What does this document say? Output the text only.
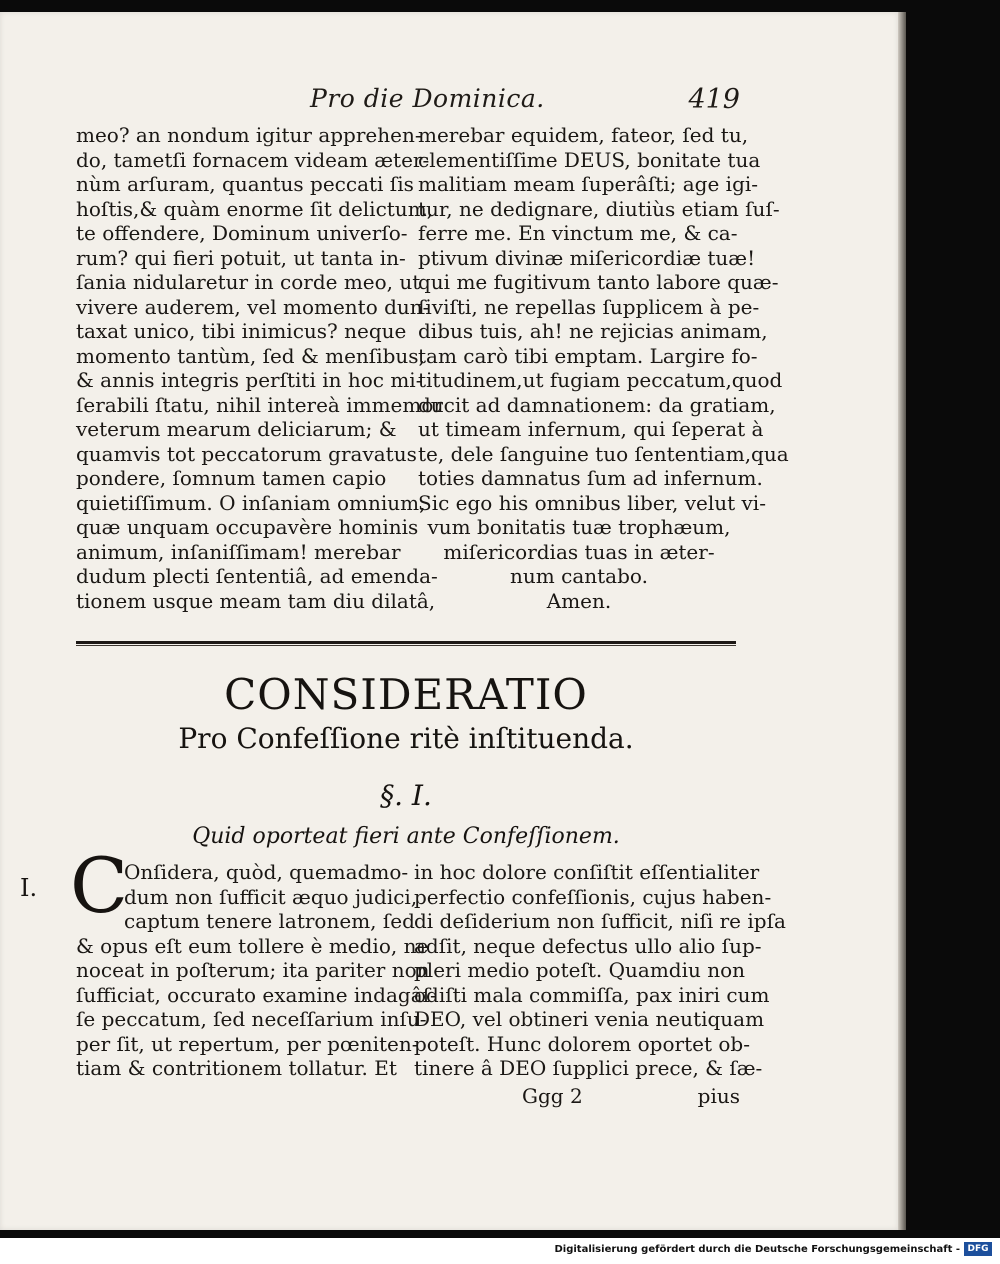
Pro die Dominica.	419
meo? an nondum igitur apprehen-
do, tametſi fornacem videam æter-
nùm arſuram, quantus peccati ſis
hoſtis,& quàm enorme ſit delictum,
te offendere, Dominum univerſo-
rum? qui fieri potuit, ut tanta in-
ſania nidularetur in corde meo, ut
vivere auderem, vel momento dun-
taxat unico, tibi inimicus? neque
momento tantùm, ſed & menſibus,
& annis integris perſtiti in hoc mi-
ſerabili ſtatu, nihil intereà immemor
veterum mearum deliciarum; &
quamvis tot peccatorum gravatus
pondere, ſomnum tamen capio
quietiſſimum. O inſaniam omnium,
quæ unquam occupavère hominis
animum, inſaniſſimam! merebar
dudum plecti ſententiâ, ad emenda-
tionem usque meam tam diu dilatâ,
merebar equidem, fateor, ſed tu,
clementiſſime DEUS, bonitate tua
malitiam meam ſuperâſti; age igi-
tur, ne dedignare, diutiùs etiam ſuſ-
ferre me. En vinctum me, & ca-
ptivum divinæ miſericordiæ tuæ!
qui me fugitivum tanto labore quæ-
ſiviſti, ne repellas ſupplicem à pe-
dibus tuis, ah! ne rejicias animam,
tam carò tibi emptam. Largire fo-
titudinem,ut fugiam peccatum,quod
ducit ad damnationem: da gratiam,
ut timeam infernum, qui ſeperat à
te, dele ſanguine tuo ſententiam,qua
toties damnatus ſum ad infernum.
Sic ego his omnibus liber, velut vi-
vum bonitatis tuæ trophæum,
miſericordias tuas in æter-
num cantabo.
Amen.
CONSIDERATIO
Pro Confeſſione ritè inſtituenda.
§. I.
Quid oporteat fieri ante Confeſſionem.
I. C
Onſidera, quòd, quemadmo-
dum non ſufficit æquo judici,
captum tenere latronem, ſed
& opus eſt eum tollere è medio, ne
noceat in poſterum; ita pariter non
ſufficiat, occurato examine indagâſ-
ſe peccatum, ſed neceſſarium inſu-
per ſit, ut repertum, per pœniten-
tiam & contritionem tollatur. Et
in hoc dolore conſiſtit eſſentialiter
perfectio confeſſionis, cujus haben-
di deſiderium non ſufficit, niſi re ipſa
adſit, neque defectus ullo alio ſup-
pleri medio poteſt. Quamdiu non
odiſti mala commiſſa, pax iniri cum
DEO, vel obtineri venia neutiquam
poteſt. Hunc dolorem oportet ob-
tinere â DEO ſupplici prece, & ſæ-
Ggg 2	pius
Digitalisierung gefördert durch die Deutsche Forschungsgemeinschaft - DFG
